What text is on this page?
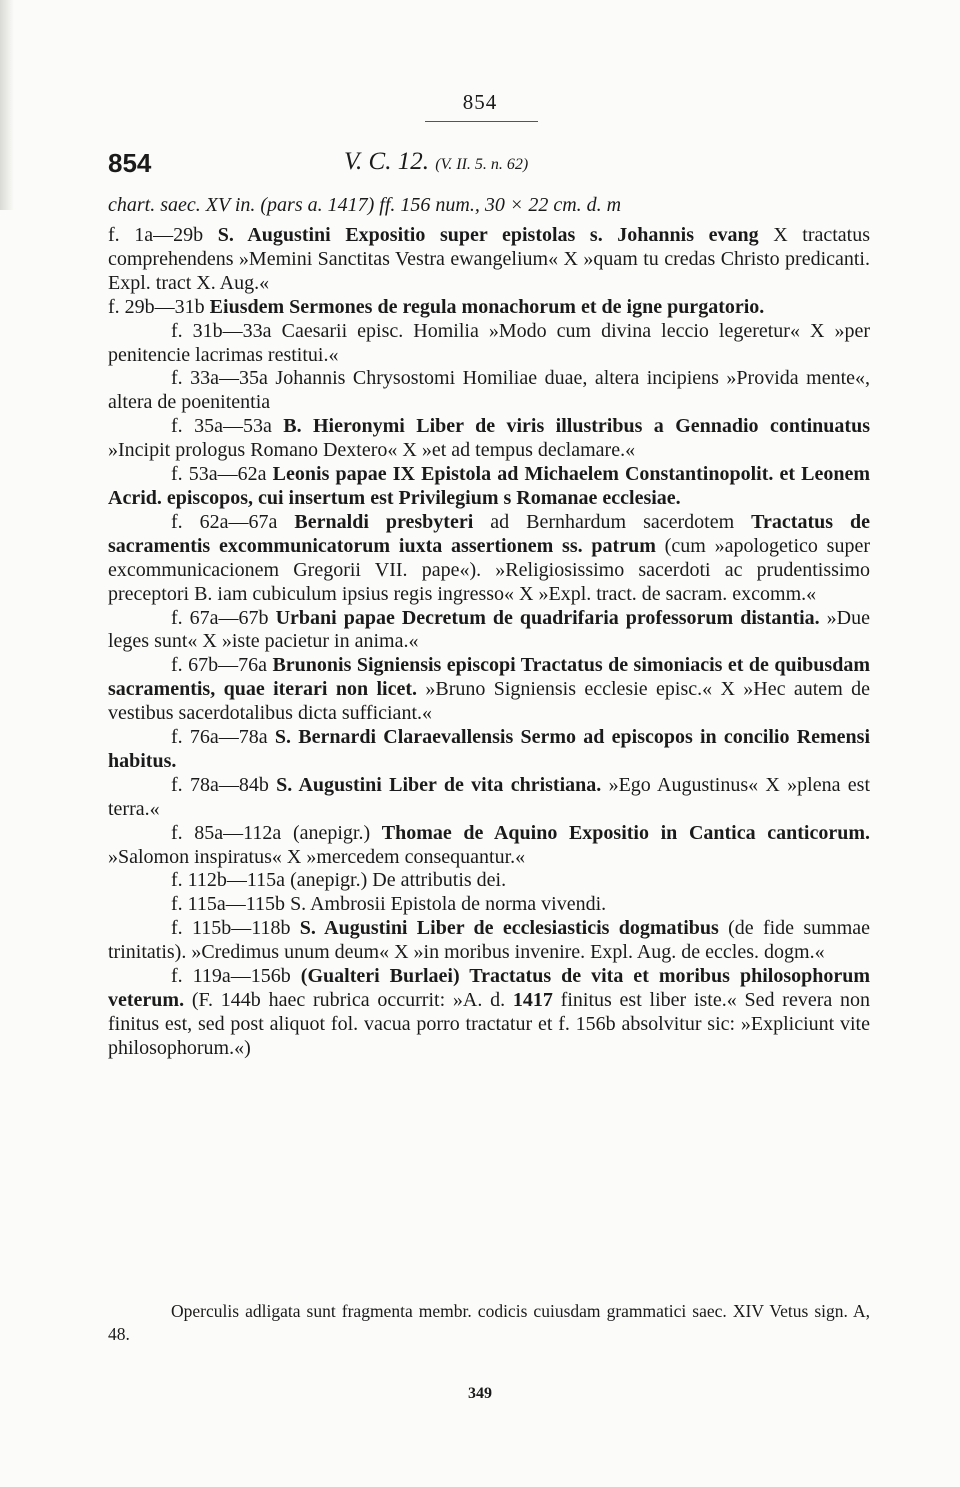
854
854	V. C. 12. (V. II. 5. n. 62)
chart. saec. XV in. (pars a. 1417) ff. 156 num., 30 × 22 cm. d. m

f. 1a—29b S. Augustini Expositio super epistolas s. Johannis evang X tractatus comprehendens »Memini Sanctitas Vestra ewangelium« X »quam tu credas Christo predicanti. Expl. tract X. Aug.«

f. 29b—31b Eiusdem Sermones de regula monachorum et de igne purgatorio.

f. 31b—33a Caesarii episc. Homilia »Modo cum divina leccio legeretur« X »per penitencie lacrimas restitui.«

f. 33a—35a Johannis Chrysostomi Homiliae duae, altera incipiens »Provida mente«, altera de poenitentia

f. 35a—53a B. Hieronymi Liber de viris illustribus a Gennadio continuatus »Incipit prologus Romano Dextero« X »et ad tempus declamare.«

f. 53a—62a Leonis papae IX Epistola ad Michaelem Constantinopolit. et Leonem Acrid. episcopos, cui insertum est Privilegium s Romanae ecclesiae.

f. 62a—67a Bernaldi presbyteri ad Bernhardum sacerdotem Tractatus de sacramentis excommunicatorum iuxta assertionem ss. patrum (cum »apologetico super excommunicacionem Gregorii VII. pape«). »Religiosissimo sacerdoti ac prudentissimo preceptori B. iam cubiculum ipsius regis ingresso« X »Expl. tract. de sacram. excomm.«

f. 67a—67b Urbani papae Decretum de quadrifaria professorum distantia. »Due leges sunt« X »iste pacietur in anima.«

f. 67b—76a Brunonis Signiensis episcopi Tractatus de simoniacis et de quibusdam sacramentis, quae iterari non licet. »Bruno Signiensis ecclesie episc.« X »Hec autem de vestibus sacerdotalibus dicta sufficiant.«

f. 76a—78a S. Bernardi Claraevallensis Sermo ad episcopos in concilio Remensi habitus.

f. 78a—84b S. Augustini Liber de vita christiana. »Ego Augustinus« X »plena est terra.«

f. 85a—112a (anepigr.) Thomae de Aquino Expositio in Cantica canticorum. »Salomon inspiratus« X »mercedem consequantur.«

f. 112b—115a (anepigr.) De attributis dei.

f. 115a—115b S. Ambrosii Epistola de norma vivendi.

f. 115b—118b S. Augustini Liber de ecclesiasticis dogmatibus (de fide summae trinitatis). »Credimus unum deum« X »in moribus invenire. Expl. Aug. de eccles. dogm.«

f. 119a—156b (Gualteri Burlaei) Tractatus de vita et moribus philosophorum veterum. (F. 144b haec rubrica occurrit: »A. d. 1417 finitus est liber iste.« Sed revera non finitus est, sed post aliquot fol. vacua porro tractatur et f. 156b absolvitur sic: »Expliciunt vite philosophorum.«)

Operculis adligata sunt fragmenta membr. codicis cuiusdam grammatici saec. XIV Vetus sign. A, 48.
349
